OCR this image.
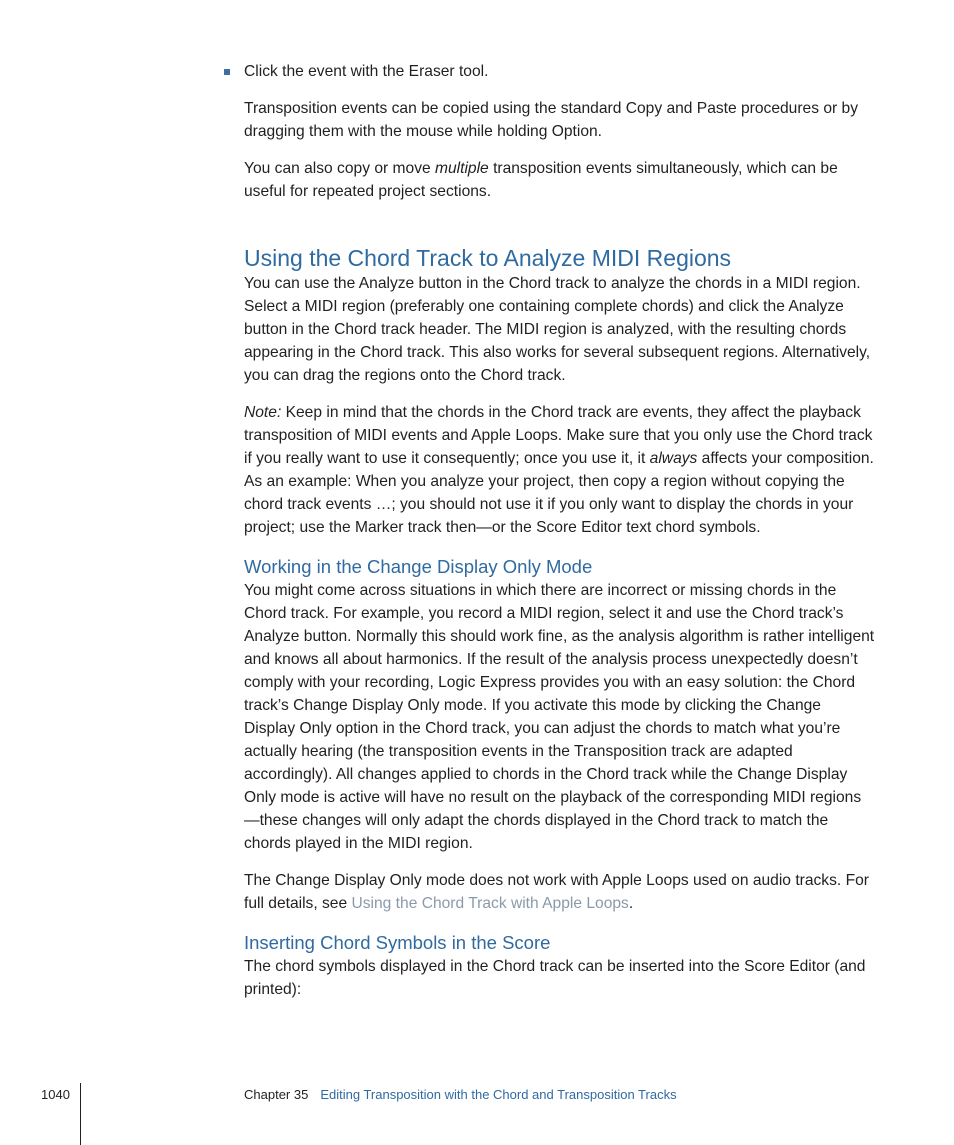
Click the event with the Eraser tool.

Transposition events can be copied using the standard Copy and Paste procedures or by dragging them with the mouse while holding Option.

You can also copy or move multiple transposition events simultaneously, which can be useful for repeated project sections.

Using the Chord Track to Analyze MIDI Regions

You can use the Analyze button in the Chord track to analyze the chords in a MIDI region. Select a MIDI region (preferably one containing complete chords) and click the Analyze button in the Chord track header. The MIDI region is analyzed, with the resulting chords appearing in the Chord track. This also works for several subsequent regions. Alternatively, you can drag the regions onto the Chord track.

Note: Keep in mind that the chords in the Chord track are events, they affect the playback transposition of MIDI events and Apple Loops. Make sure that you only use the Chord track if you really want to use it consequently; once you use it, it always affects your composition. As an example: When you analyze your project, then copy a region without copying the chord track events …; you should not use it if you only want to display the chords in your project; use the Marker track then—or the Score Editor text chord symbols.

Working in the Change Display Only Mode

You might come across situations in which there are incorrect or missing chords in the Chord track. For example, you record a MIDI region, select it and use the Chord track’s Analyze button. Normally this should work fine, as the analysis algorithm is rather intelligent and knows all about harmonics. If the result of the analysis process unexpectedly doesn’t comply with your recording, Logic Express provides you with an easy solution: the Chord track’s Change Display Only mode. If you activate this mode by clicking the Change Display Only option in the Chord track, you can adjust the chords to match what you’re actually hearing (the transposition events in the Transposition track are adapted accordingly). All changes applied to chords in the Chord track while the Change Display Only mode is active will have no result on the playback of the corresponding MIDI regions—these changes will only adapt the chords displayed in the Chord track to match the chords played in the MIDI region.

The Change Display Only mode does not work with Apple Loops used on audio tracks. For full details, see Using the Chord Track with Apple Loops.

Inserting Chord Symbols in the Score

The chord symbols displayed in the Chord track can be inserted into the Score Editor (and printed):

1040	Chapter 35 Editing Transposition with the Chord and Transposition Tracks
